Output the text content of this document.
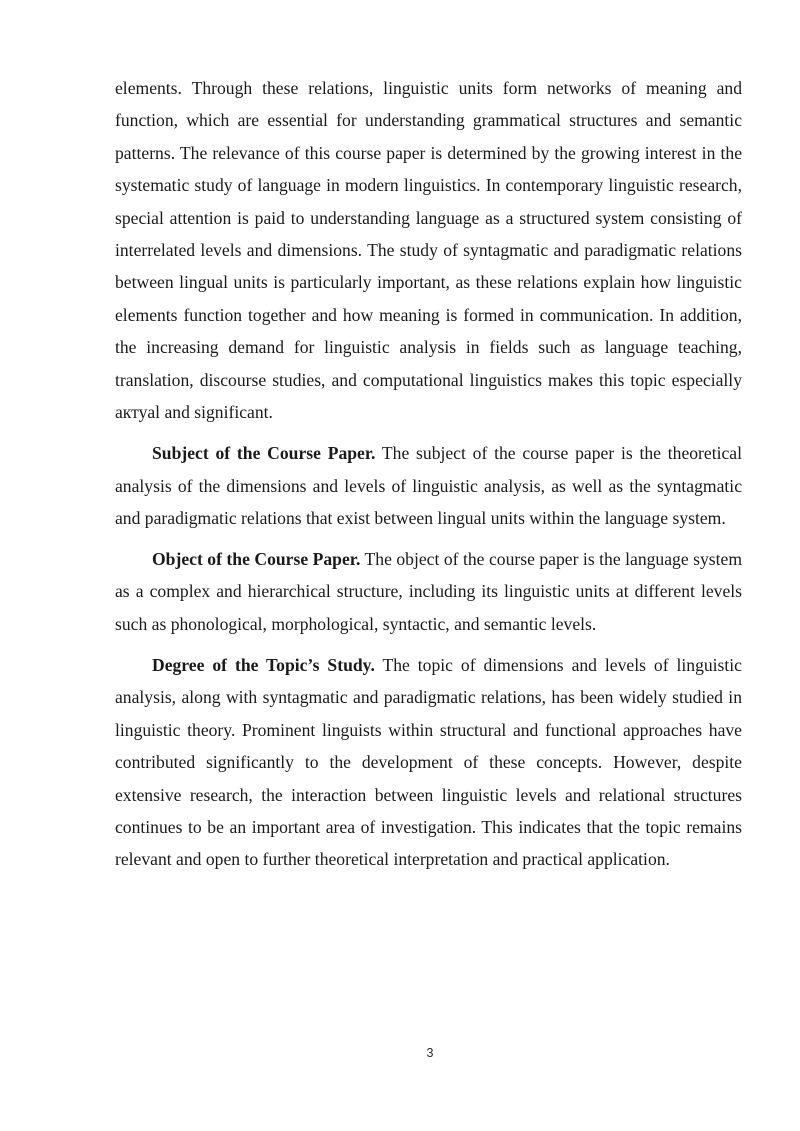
elements. Through these relations, linguistic units form networks of meaning and function, which are essential for understanding grammatical structures and semantic patterns. The relevance of this course paper is determined by the growing interest in the systematic study of language in modern linguistics. In contemporary linguistic research, special attention is paid to understanding language as a structured system consisting of interrelated levels and dimensions. The study of syntagmatic and paradigmatic relations between lingual units is particularly important, as these relations explain how linguistic elements function together and how meaning is formed in communication. In addition, the increasing demand for linguistic analysis in fields such as language teaching, translation, discourse studies, and computational linguistics makes this topic especially актуal and significant.

Subject of the Course Paper. The subject of the course paper is the theoretical analysis of the dimensions and levels of linguistic analysis, as well as the syntagmatic and paradigmatic relations that exist between lingual units within the language system.

Object of the Course Paper. The object of the course paper is the language system as a complex and hierarchical structure, including its linguistic units at different levels such as phonological, morphological, syntactic, and semantic levels.

Degree of the Topic’s Study. The topic of dimensions and levels of linguistic analysis, along with syntagmatic and paradigmatic relations, has been widely studied in linguistic theory. Prominent linguists within structural and functional approaches have contributed significantly to the development of these concepts. However, despite extensive research, the interaction between linguistic levels and relational structures continues to be an important area of investigation. This indicates that the topic remains relevant and open to further theoretical interpretation and practical application.

3
